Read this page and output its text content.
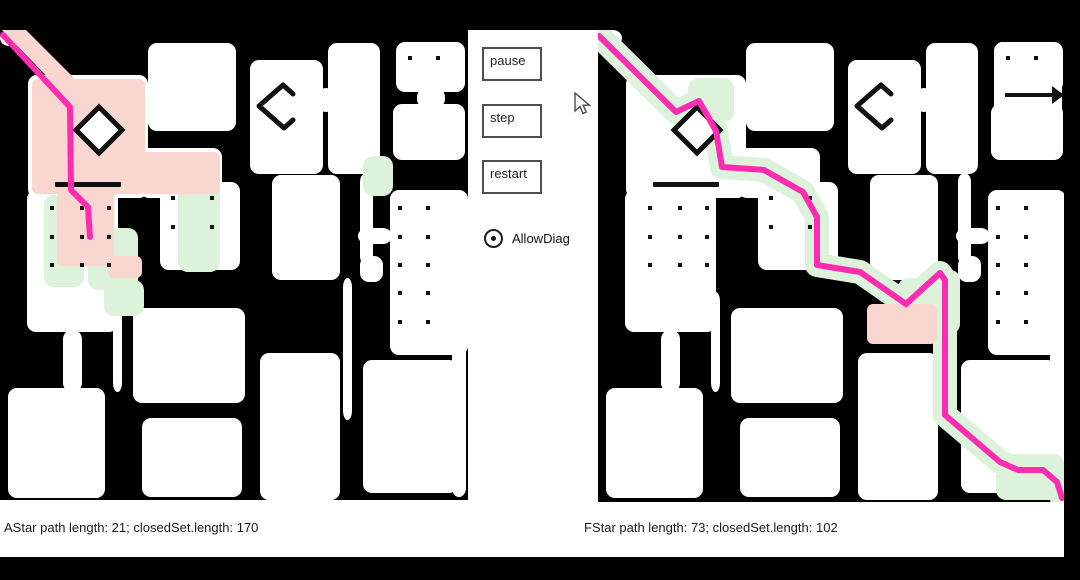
pause
step
restart
AllowDiag
AStar path length: 21; closedSet.length: 170	FStar path length: 73; closedSet.length: 102
